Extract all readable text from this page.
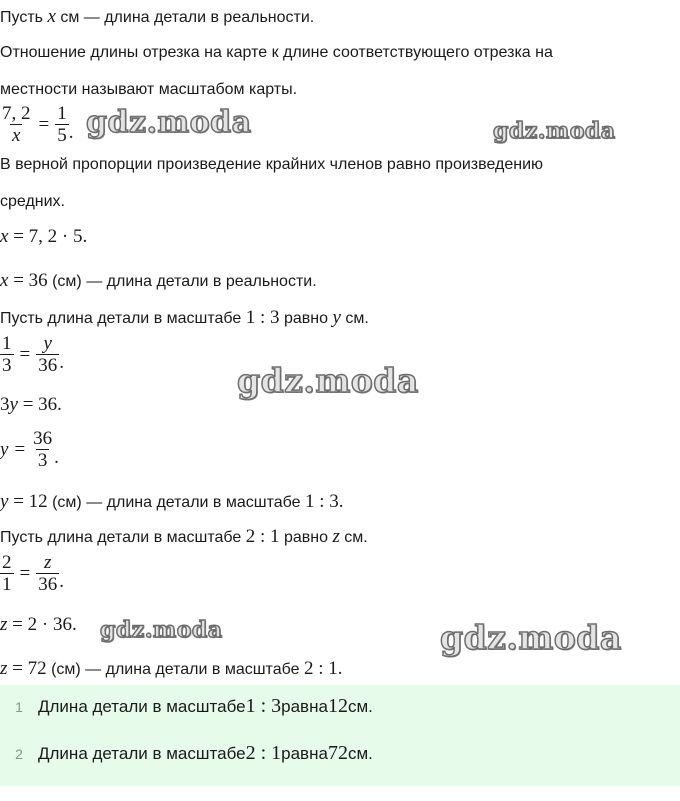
Пусть x см — длина детали в реальности.
Отношение длины отрезка на карте к длине соответствующего отрезка на
местности называют масштабом карты.
$\frac{7, 2}{x} = \frac{1}{5}$ .
В верной пропорции произведение крайних членов равно произведению
средних.
x = 7, 2 · 5.
x = 36 (см) — длина детали в реальности.
Пусть длина детали в масштабе 1 : 3 равно y см.
$\frac{1}{3} = \frac{y}{36}$ .
3y = 36.
$y = \frac{36}{3}$ .
y = 12 (см) — длина детали в масштабе 1 : 3.
Пусть длина детали в масштабе 2 : 1 равно z см.
$\frac{2}{1} = \frac{z}{36}$ .
z = 2 · 36.
z = 72 (см) — длина детали в масштабе 2 : 1.
1 Длина детали в масштабе 1 : 3 равна 12 см.
2 Длина детали в масштабе 2 : 1 равна 72 см.
gdz.moda	gdz.moda
gdz.moda
gdz.moda	gdz.moda
